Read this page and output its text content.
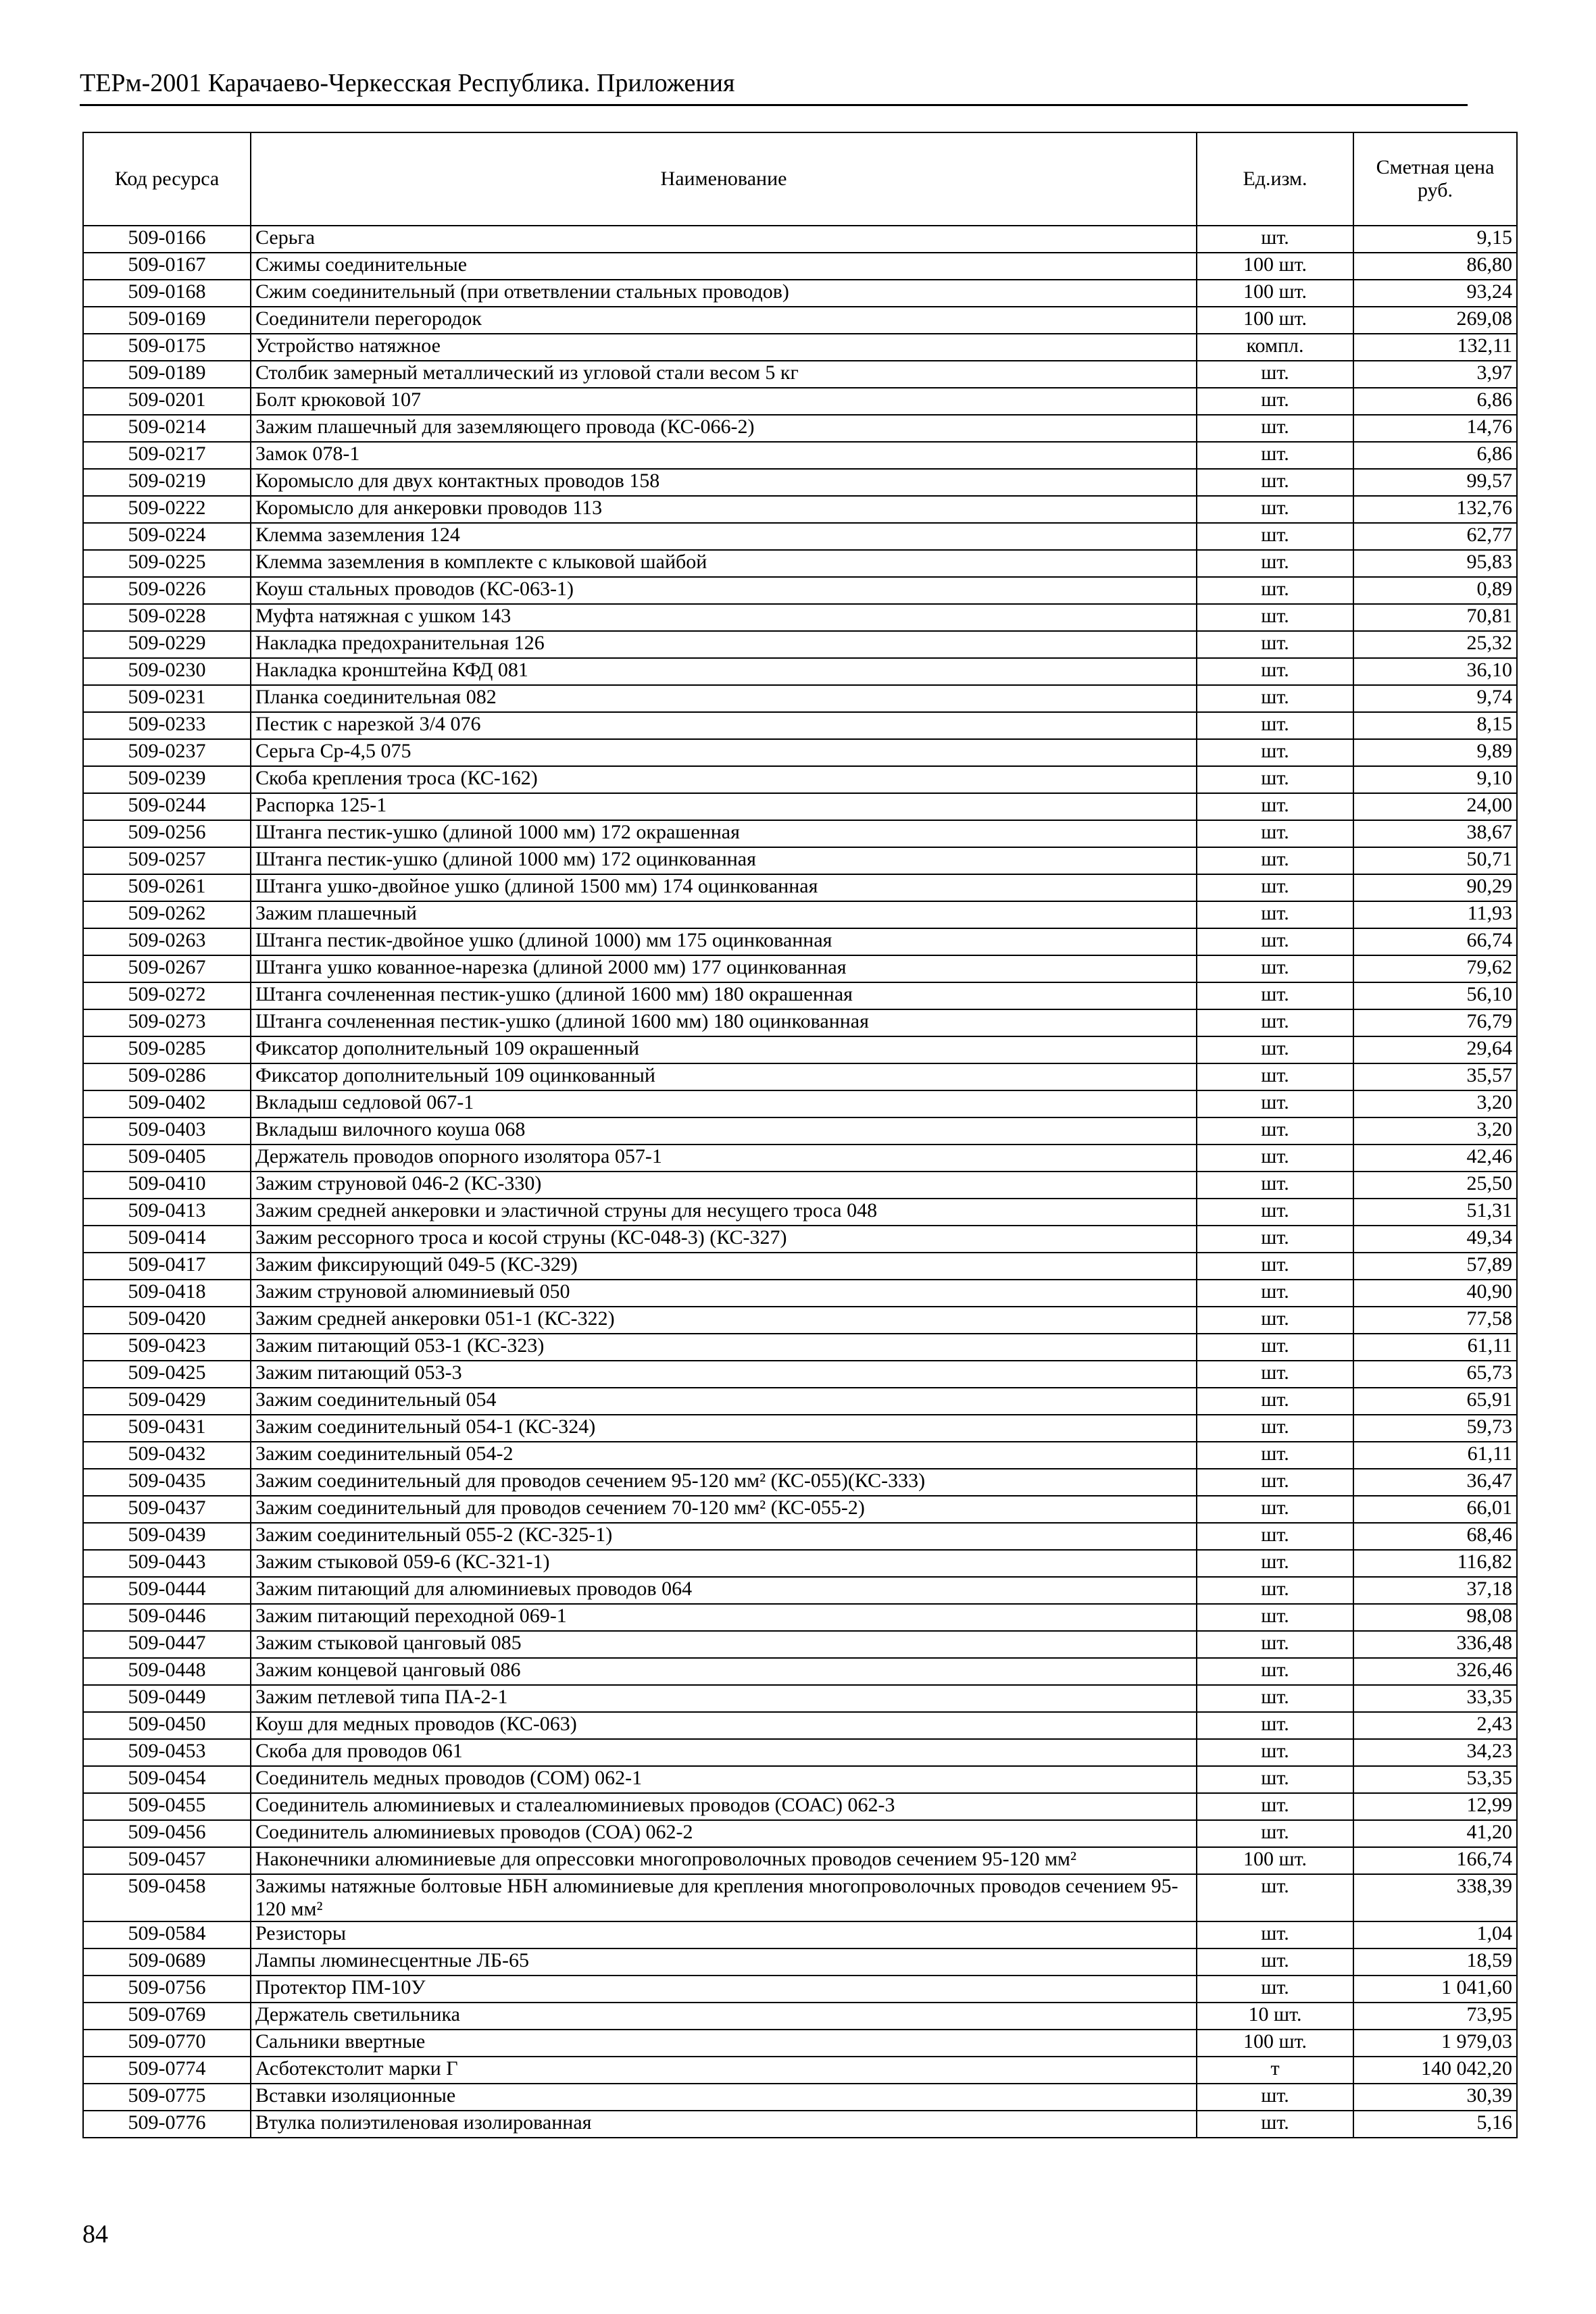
ТЕРм-2001 Карачаево-Черкесская Республика. Приложения
Код ресурса	Наименование	Ед.изм.	Сметная цена руб.
509-0166	Серьга	шт.	9,15
509-0167	Сжимы соединительные	100 шт.	86,80
509-0168	Сжим соединительный (при ответвлении стальных проводов)	100 шт.	93,24
509-0169	Соединители перегородок	100 шт.	269,08
509-0175	Устройство натяжное	компл.	132,11
509-0189	Столбик замерный металлический из угловой стали весом 5 кг	шт.	3,97
509-0201	Болт крюковой 107	шт.	6,86
509-0214	Зажим плашечный для заземляющего провода (КС-066-2)	шт.	14,76
509-0217	Замок 078-1	шт.	6,86
509-0219	Коромысло для двух контактных проводов 158	шт.	99,57
509-0222	Коромысло для анкеровки проводов 113	шт.	132,76
509-0224	Клемма заземления 124	шт.	62,77
509-0225	Клемма заземления в комплекте с клыковой шайбой	шт.	95,83
509-0226	Коуш стальных проводов (КС-063-1)	шт.	0,89
509-0228	Муфта натяжная с ушком 143	шт.	70,81
509-0229	Накладка предохранительная 126	шт.	25,32
509-0230	Накладка кронштейна КФД 081	шт.	36,10
509-0231	Планка соединительная 082	шт.	9,74
509-0233	Пестик с нарезкой 3/4 076	шт.	8,15
509-0237	Серьга Ср-4,5 075	шт.	9,89
509-0239	Скоба крепления троса (КС-162)	шт.	9,10
509-0244	Распорка 125-1	шт.	24,00
509-0256	Штанга пестик-ушко (длиной 1000 мм) 172 окрашенная	шт.	38,67
509-0257	Штанга пестик-ушко (длиной 1000 мм) 172 оцинкованная	шт.	50,71
509-0261	Штанга ушко-двойное ушко (длиной 1500 мм) 174 оцинкованная	шт.	90,29
509-0262	Зажим плашечный	шт.	11,93
509-0263	Штанга пестик-двойное ушко (длиной 1000) мм 175 оцинкованная	шт.	66,74
509-0267	Штанга ушко кованное-нарезка (длиной 2000 мм) 177 оцинкованная	шт.	79,62
509-0272	Штанга сочлененная пестик-ушко (длиной 1600 мм) 180 окрашенная	шт.	56,10
509-0273	Штанга сочлененная пестик-ушко (длиной 1600 мм) 180 оцинкованная	шт.	76,79
509-0285	Фиксатор дополнительный 109 окрашенный	шт.	29,64
509-0286	Фиксатор дополнительный 109 оцинкованный	шт.	35,57
509-0402	Вкладыш седловой 067-1	шт.	3,20
509-0403	Вкладыш вилочного коуша 068	шт.	3,20
509-0405	Держатель проводов опорного изолятора 057-1	шт.	42,46
509-0410	Зажим струновой 046-2 (КС-330)	шт.	25,50
509-0413	Зажим средней анкеровки и эластичной струны для несущего троса 048	шт.	51,31
509-0414	Зажим рессорного троса и косой струны (КС-048-3) (КС-327)	шт.	49,34
509-0417	Зажим фиксирующий 049-5 (КС-329)	шт.	57,89
509-0418	Зажим струновой алюминиевый 050	шт.	40,90
509-0420	Зажим средней анкеровки 051-1 (КС-322)	шт.	77,58
509-0423	Зажим питающий 053-1 (КС-323)	шт.	61,11
509-0425	Зажим питающий 053-3	шт.	65,73
509-0429	Зажим соединительный 054	шт.	65,91
509-0431	Зажим соединительный 054-1 (КС-324)	шт.	59,73
509-0432	Зажим соединительный 054-2	шт.	61,11
509-0435	Зажим соединительный для проводов сечением 95-120 мм² (КС-055)(КС-333)	шт.	36,47
509-0437	Зажим соединительный для проводов сечением 70-120 мм² (КС-055-2)	шт.	66,01
509-0439	Зажим соединительный 055-2 (КС-325-1)	шт.	68,46
509-0443	Зажим стыковой 059-6 (КС-321-1)	шт.	116,82
509-0444	Зажим питающий для алюминиевых проводов 064	шт.	37,18
509-0446	Зажим питающий переходной 069-1	шт.	98,08
509-0447	Зажим стыковой цанговый 085	шт.	336,48
509-0448	Зажим концевой цанговый 086	шт.	326,46
509-0449	Зажим петлевой типа ПА-2-1	шт.	33,35
509-0450	Коуш для медных проводов (КС-063)	шт.	2,43
509-0453	Скоба для проводов 061	шт.	34,23
509-0454	Соединитель медных проводов (СОМ) 062-1	шт.	53,35
509-0455	Соединитель алюминиевых и сталеалюминиевых проводов (СОАС) 062-3	шт.	12,99
509-0456	Соединитель алюминиевых проводов (СОА) 062-2	шт.	41,20
509-0457	Наконечники алюминиевые для опрессовки многопроволочных проводов сечением 95-120 мм²	100 шт.	166,74
509-0458	Зажимы натяжные болтовые НБН алюминиевые для крепления многопроволочных проводов сечением 95-120 мм²	шт.	338,39
509-0584	Резисторы	шт.	1,04
509-0689	Лампы люминесцентные ЛБ-65	шт.	18,59
509-0756	Протектор ПМ-10У	шт.	1 041,60
509-0769	Держатель светильника	10 шт.	73,95
509-0770	Сальники ввертные	100 шт.	1 979,03
509-0774	Асботекстолит марки Г	т	140 042,20
509-0775	Вставки изоляционные	шт.	30,39
509-0776	Втулка полиэтиленовая изолированная	шт.	5,16
84
